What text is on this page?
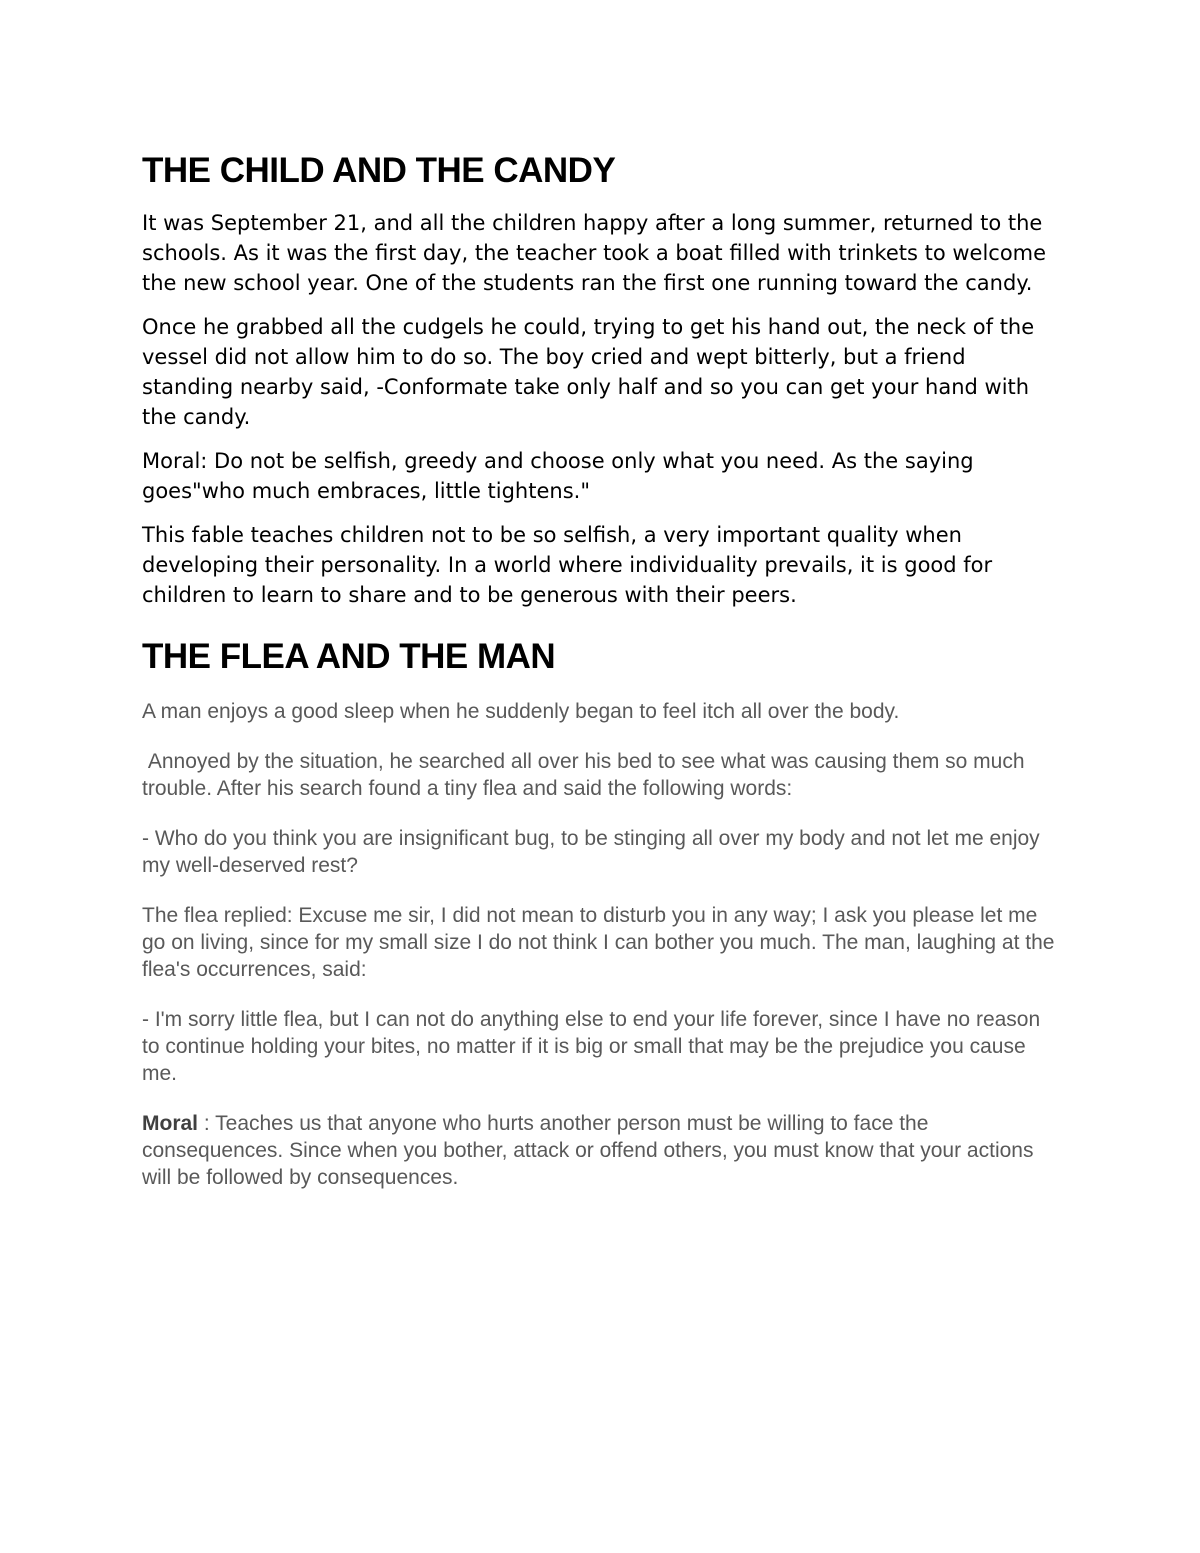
THE CHILD AND THE CANDY

It was September 21, and all the children happy after a long summer, returned to the schools. As it was the first day, the teacher took a boat filled with trinkets to welcome the new school year. One of the students ran the first one running toward the candy.

Once he grabbed all the cudgels he could, trying to get his hand out, the neck of the vessel did not allow him to do so. The boy cried and wept bitterly, but a friend standing nearby said, -Conformate take only half and so you can get your hand with the candy.

Moral: Do not be selfish, greedy and choose only what you need. As the saying goes"who much embraces, little tightens."

This fable teaches children not to be so selfish, a very important quality when developing their personality. In a world where individuality prevails, it is good for children to learn to share and to be generous with their peers.

THE FLEA AND THE MAN

A man enjoys a good sleep when he suddenly began to feel itch all over the body.

Annoyed by the situation, he searched all over his bed to see what was causing them so much trouble. After his search found a tiny flea and said the following words:

- Who do you think you are insignificant bug, to be stinging all over my body and not let me enjoy my well-deserved rest?

The flea replied: Excuse me sir, I did not mean to disturb you in any way; I ask you please let me go on living, since for my small size I do not think I can bother you much. The man, laughing at the flea's occurrences, said:

- I'm sorry little flea, but I can not do anything else to end your life forever, since I have no reason to continue holding your bites, no matter if it is big or small that may be the prejudice you cause me.

Moral : Teaches us that anyone who hurts another person must be willing to face the consequences. Since when you bother, attack or offend others, you must know that your actions will be followed by consequences.
